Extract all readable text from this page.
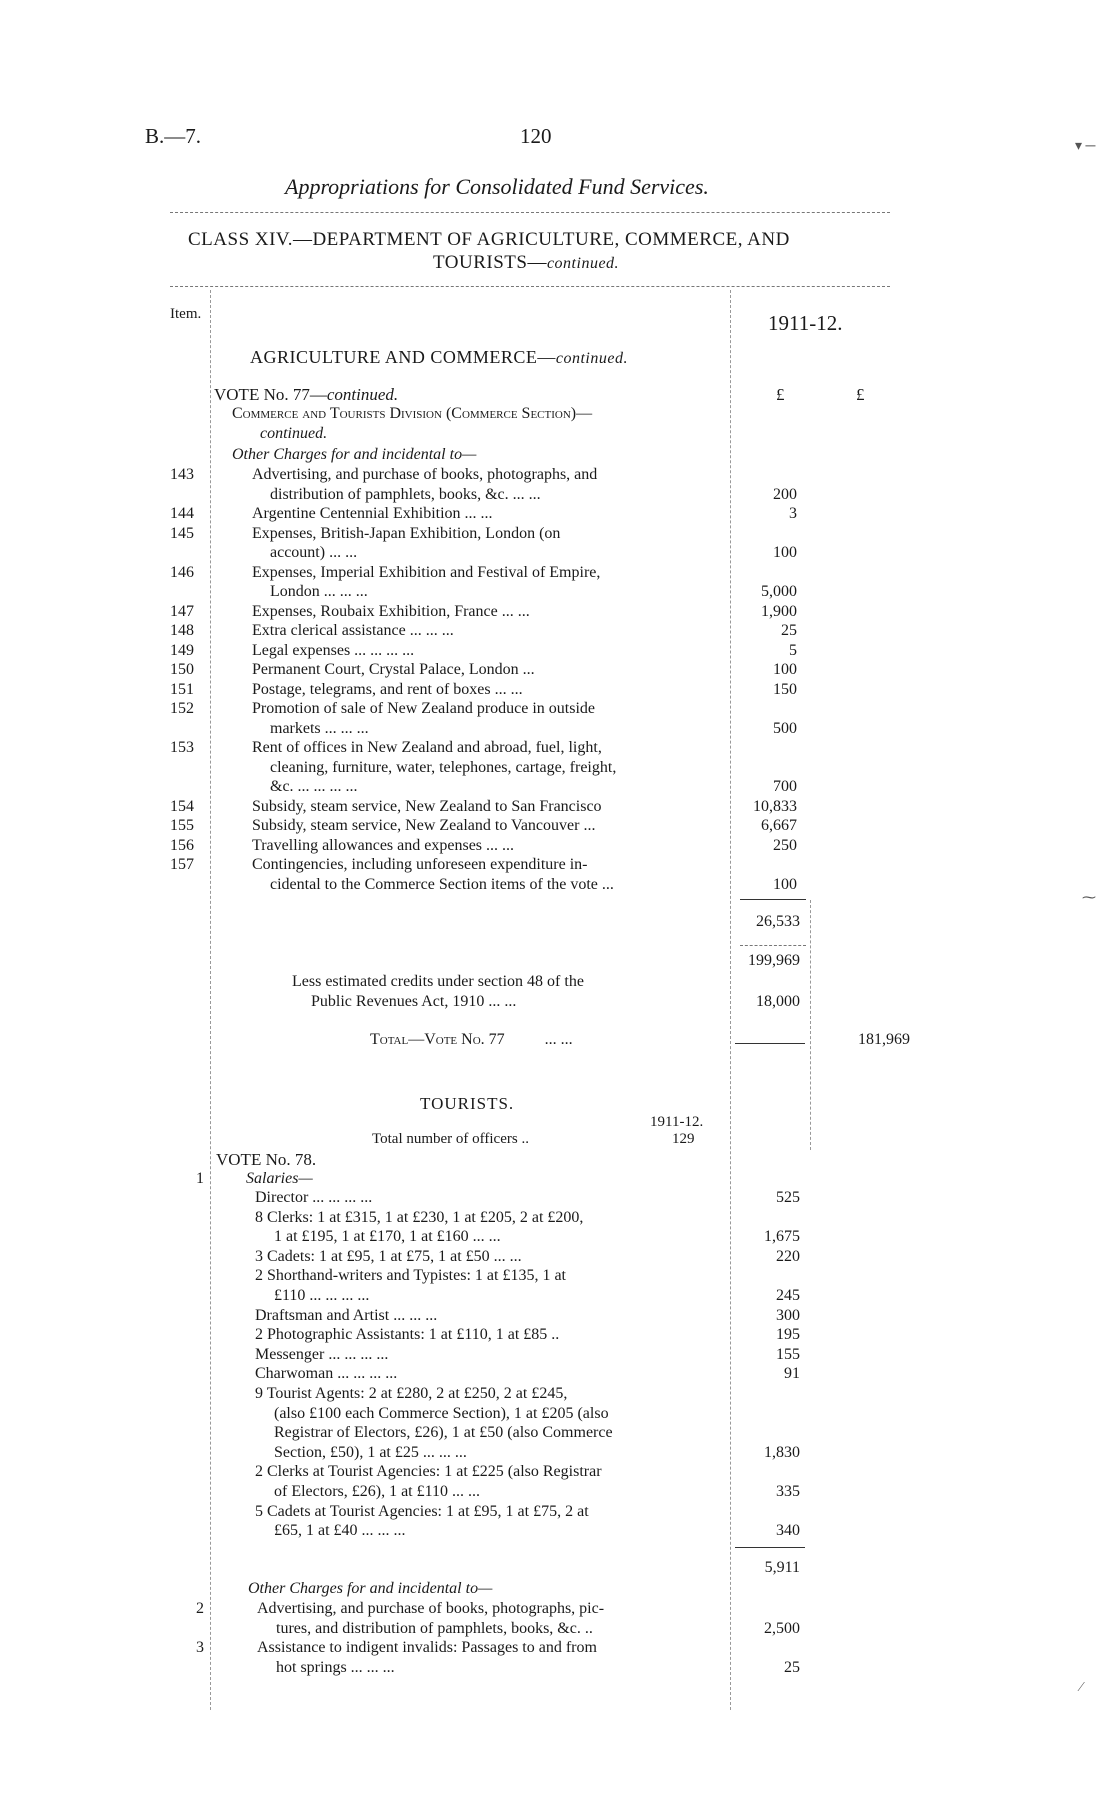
B.—7.	120
Appropriations for Consolidated Fund Services.
CLASS XIV.—DEPARTMENT OF AGRICULTURE, COMMERCE, AND
TOURISTS—continued.
Item.	1911-12.
AGRICULTURE AND COMMERCE—continued.
VOTE No. 77—continued.	£	£
Commerce and Tourists Division (Commerce Section)—
continued.
Other Charges for and incidental to—
143	Advertising, and purchase of books, photographs, and
distribution of pamphlets, books, &c. ... ...	200
144	Argentine Centennial Exhibition ... ...	3
145	Expenses, British-Japan Exhibition, London (on
account) ... ...	100
146	Expenses, Imperial Exhibition and Festival of Empire,
London ... ... ...	5,000
147	Expenses, Roubaix Exhibition, France ... ...	1,900
148	Extra clerical assistance ... ... ...	25
149	Legal expenses ... ... ... ...	5
150	Permanent Court, Crystal Palace, London ...	100
151	Postage, telegrams, and rent of boxes ... ...	150
152	Promotion of sale of New Zealand produce in outside
markets ... ... ...	500
153	Rent of offices in New Zealand and abroad, fuel, light,
cleaning, furniture, water, telephones, cartage, freight,
&c. ... ... ... ...	700
154	Subsidy, steam service, New Zealand to San Francisco	10,833
155	Subsidy, steam service, New Zealand to Vancouver ...	6,667
156	Travelling allowances and expenses ... ...	250
157	Contingencies, including unforeseen expenditure in-
cidental to the Commerce Section items of the vote ...	100
26,533
199,969
Less estimated credits under section 48 of the
Public Revenues Act, 1910 ... ...	18,000
Total—Vote No. 77	... ...	181,969
TOURISTS.
1911-12.
Total number of officers ..	129
VOTE No. 78.
1	Salaries—
Director ... ... ... ...	525
8 Clerks: 1 at £315, 1 at £230, 1 at £205, 2 at £200,
1 at £195, 1 at £170, 1 at £160 ... ...	1,675
3 Cadets: 1 at £95, 1 at £75, 1 at £50 ... ...	220
2 Shorthand-writers and Typistes: 1 at £135, 1 at
£110 ... ... ... ...	245
Draftsman and Artist ... ... ...	300
2 Photographic Assistants: 1 at £110, 1 at £85 ..	195
Messenger ... ... ... ...	155
Charwoman ... ... ... ...	91
9 Tourist Agents: 2 at £280, 2 at £250, 2 at £245,
(also £100 each Commerce Section), 1 at £205 (also
Registrar of Electors, £26), 1 at £50 (also Commerce
Section, £50), 1 at £25 ... ... ...	1,830
2 Clerks at Tourist Agencies: 1 at £225 (also Registrar
of Electors, £26), 1 at £110 ... ...	335
5 Cadets at Tourist Agencies: 1 at £95, 1 at £75, 2 at
£65, 1 at £40 ... ... ...	340
5,911
Other Charges for and incidental to—
2	Advertising, and purchase of books, photographs, pic-
tures, and distribution of pamphlets, books, &c. ..	2,500
3	Assistance to indigent invalids: Passages to and from
hot springs ... ... ...	25
▾ ─
⁓
⁄
